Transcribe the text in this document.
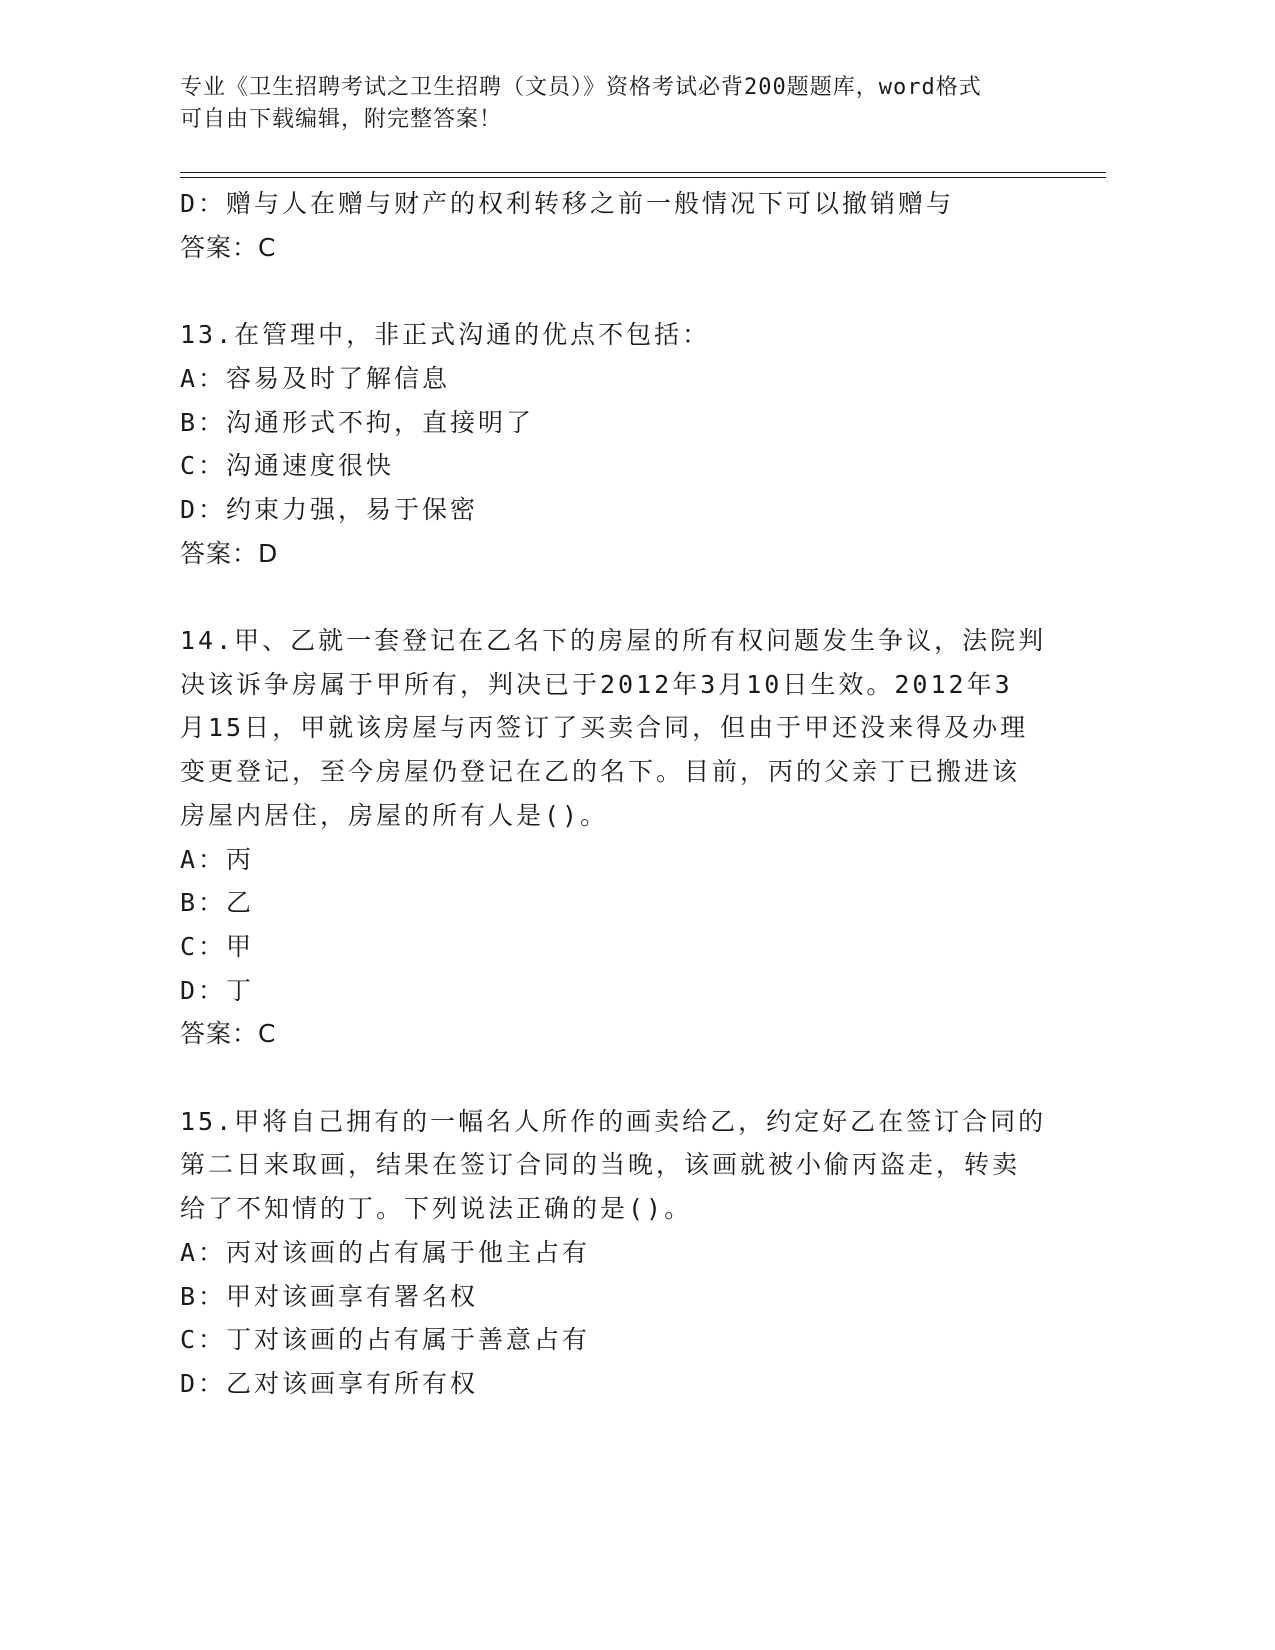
专业《卫生招聘考试之卫生招聘（文员）》资格考试必背200题题库，word格式
可自由下载编辑，附完整答案！
D：赠与人在赠与财产的权利转移之前一般情况下可以撤销赠与
答案：C
13.在管理中，非正式沟通的优点不包括：
A：容易及时了解信息
B：沟通形式不拘，直接明了
C：沟通速度很快
D：约束力强，易于保密
答案：D
14.甲、乙就一套登记在乙名下的房屋的所有权问题发生争议，法院判
决该诉争房属于甲所有，判决已于2012年3月10日生效。2012年3
月15日，甲就该房屋与丙签订了买卖合同，但由于甲还没来得及办理
变更登记，至今房屋仍登记在乙的名下。目前，丙的父亲丁已搬进该
房屋内居住，房屋的所有人是()。
A：丙
B：乙
C：甲
D：丁
答案：C
15.甲将自己拥有的一幅名人所作的画卖给乙，约定好乙在签订合同的
第二日来取画，结果在签订合同的当晚，该画就被小偷丙盗走，转卖
给了不知情的丁。下列说法正确的是()。
A：丙对该画的占有属于他主占有
B：甲对该画享有署名权
C：丁对该画的占有属于善意占有
D：乙对该画享有所有权
